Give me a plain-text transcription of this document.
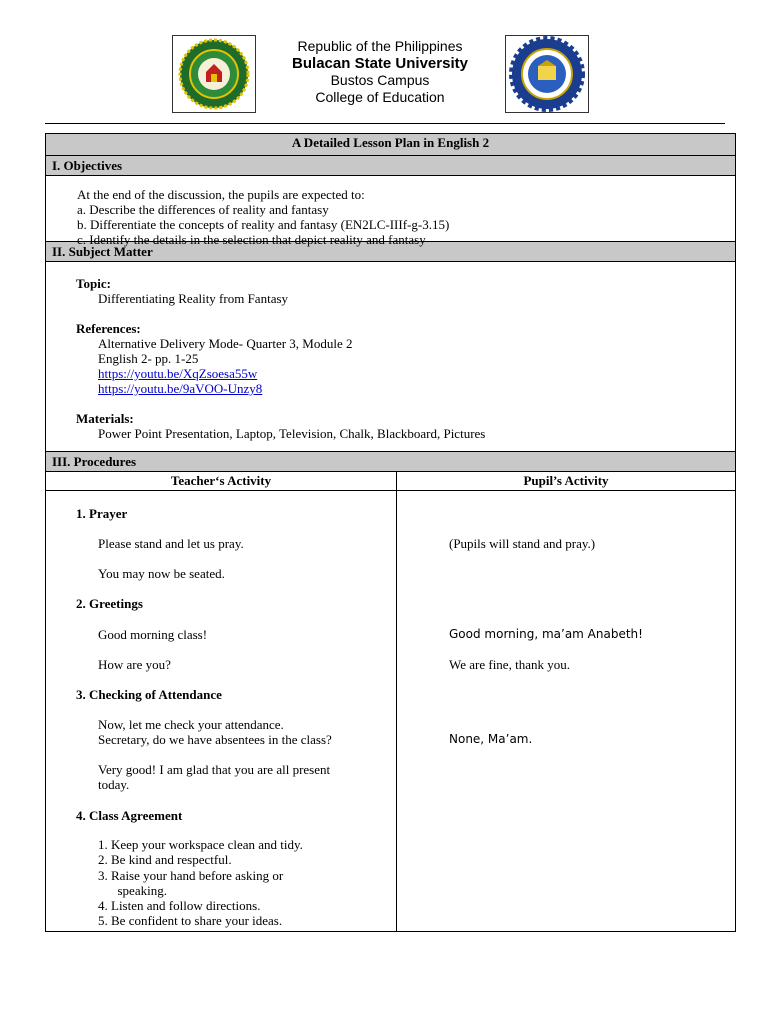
Republic of the Philippines
Bulacan State University
Bustos Campus
College of Education
A Detailed Lesson Plan in English 2
I. Objectives

At the end of the discussion, the pupils are expected to:

a. Describe the differences of reality and fantasy
b. Differentiate the concepts of reality and fantasy (EN2LC-IIIf-g-3.15)
c. Identify the details in the selection that depict reality and fantasy
II. Subject Matter
Topic:
Differentiating Reality from Fantasy
References:
Alternative Delivery Mode- Quarter 3, Module 2
English 2- pp. 1-25
https://youtu.be/XqZsoesa55w
https://youtu.be/9aVOO-Unzy8
Materials:
Power Point Presentation, Laptop, Television, Chalk, Blackboard, Pictures
III. Procedures
Teacher‘s Activity	Pupil’s Activity
1. Prayer
Please stand and let us pray.
You may now be seated.
2. Greetings
Good morning class!
How are you?
3. Checking of Attendance
Now, let me check your attendance.
Secretary, do we have absentees in the class?
Very good! I am glad that you are all present
today.
4. Class Agreement
1. Keep your workspace clean and tidy.
2. Be kind and respectful.
3. Raise your hand before asking or
speaking.
4. Listen and follow directions.
5. Be confident to share your ideas.
(Pupils will stand and pray.)
Good morning, ma’am Anabeth!
We are fine, thank you.
None, Ma’am.
